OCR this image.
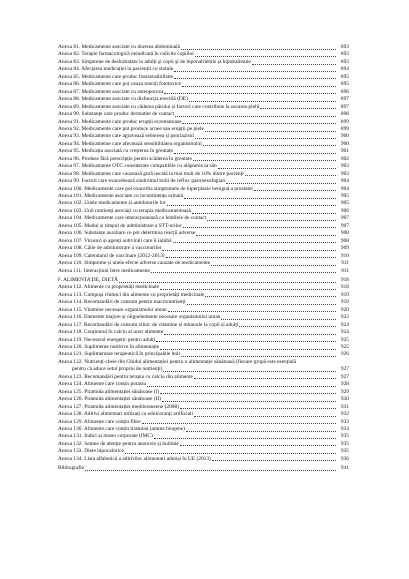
Anexa 81. Medicamente asociate cu durerea abdominală	893
Anexa 82. Terapie farmacologică neindicată în colicile copiilor	893
Anexa 83. Simptome de deshidratare la adulți și copii și de hiponatriemie și hipokaliemie	893
Anexa 84. Afecțarea medicației la pacienții cu stomie	894
Anexa 85. Medicamente care produc fotosensibilitate	895
Anexa 86. Medicamente care pot cauza reacții fototoxice	895
Anexa 87. Medicamente asociate cu osteoporoza	896
Anexa 88. Medicamente asociate cu disfuncția erectilă (DE)	897
Anexa 89. Medicamente asociate cu căderea părului și factori care contribuie la uscarea pielii	897
Anexa 90. Substanțe care produc dermatite de contact	898
Anexa 91. Medicamente care produc erupții eczematoase	899
Anexa 92. Medicamente care pot produce acnee sau erupții pe piele	899
Anexa 93. Medicamente care agravează seboreea și psoriazisul	900
Anexa 94. Medicamente care afectează sensibilitatea organismului	900
Anexa 95. Medicația asociată cu creșterea în greutate	901
Anexa 96. Produse fără prescripție pentru scăderea în greutate	902
Anexa 97. Medicamente OTC considerate compatibile cu alăptarea la sân	903
Anexa 98. Medicamente care cauzează gură uscată la mai mult de 10% dintre pacienți	903
Anexa 99. Factori care exacerbează sindromul bolii de reflux gastroesofagian	904
Anexa 100. Medicamente care pot exacerba simptomele de hiperplazie benignă a prostatei	904
Anexa 101. Medicamente asociate cu incontinența urinară	905
Anexa 102. Unele medicamente și antidoturile lor	905
Anexa 103. Unii nutrienți asociați cu terapia medicamentoasă	906
Anexa 104. Medicamente care interacționează cu lentilele de contact	907
Anexa 105. Modul și timpul de administrare a STT-urilor	907
Anexa 106. Substanțe auxiliare ce pot determina reacții adverse	908
Anexa 107. Virusuri și agenți antivirali care îi inhibă	908
Anexa 108. Căile de administrare a vaccinurilor	909
Anexa 109. Calendarul de vaccinare (2012-2013)	910
Anexa 110. Simptome și unele efecte adverse cauzate de medicamente	911
Anexa 111. Interacțiuni între medicamente	911
F. ALIMENTAȚIE, DIETĂ	918
Anexa 112. Alimente cu proprietăți medicinale	918
Anexa 113. Compuși chimici din alimente cu proprietăți medicinale	919
Anexa 114. Recomandări de consum pentru macronutrienți	919
Anexa 115. Vitamine necesare organismului uman	920
Anexa 116. Elemente majore și oligoelemente necesare organismului uman	922
Anexa 117. Recomandări de consum zilnic de vitamine și minerale la copii și adulți	924
Anexa 118. Conținutul în calciu al unor alimente	924
Anexa 119. Necesarul energetic pentru adulți	925
Anexa 120. Suplimente nutritive în alimentație	925
Anexa 121. Suplimentare terapeutică în principalele boli	926
Anexa 122. Nutrienți-cheie din Ghidul alimentației pentru o alimentație sănătoasă (fiecare grupă este esențială
pentru că aduce setul propriu de nutrienți)	927
Anexa 123. Recomandări pentru terapia cu calciu din alimente	927
Anexa 124. Alimente care conțin potasiu	928
Anexa 125. Piramida alimentației sănătoase (I)	929
Anexa 126. Piramida alimentației sănătoase (II)	930
Anexa 127. Piramida alimentației mediteraneene (2008)	931
Anexa 128. Aditivi alimentari utilizați ca edulcoranți artificiali	932
Anexa 129. Alimente care conțin fibre	933
Anexa 130. Alimente care conțin tiramină (amine biogene)	934
Anexa 131. Indici ai masei corporale (IMC)	935
Anexa 132. Semne de atenție pentru anorexie și bulimie	935
Anexa 133. Diete hipocalorice	935
Anexa 134. Lista alfabetică a aditivilor alimentari admiși în UE (2013)	936
Bibliografie	941
